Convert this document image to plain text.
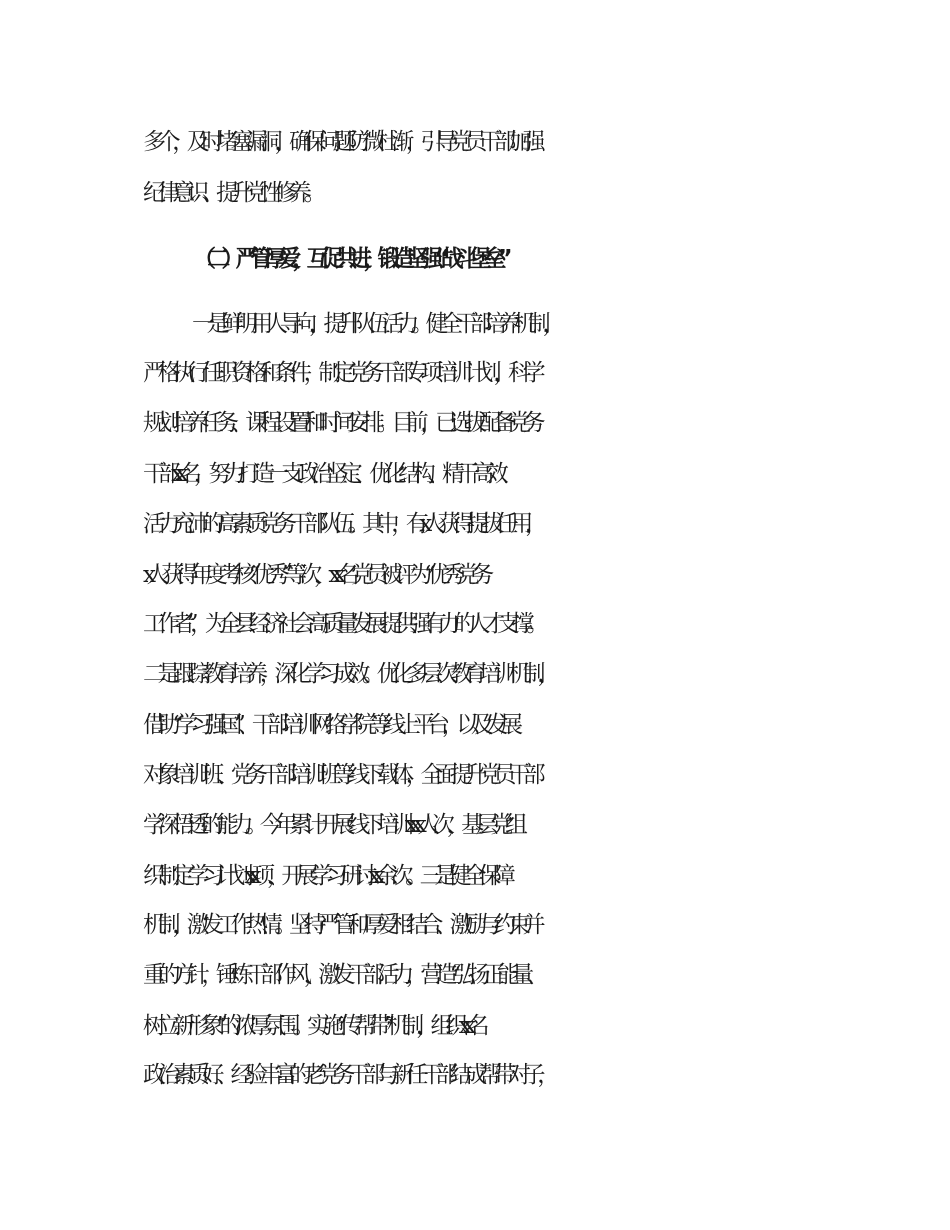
多个，及时堵塞漏洞，确保问题防微杜渐，引导党员干部加强
纪律意识、提升党性修养。
（二）严管厚爱，互促共进，锻造坚强“战斗堡垒”
一是鲜明用人导向，提升队伍活力。健全干部培养机制，
严格执行任职资格和条件，制定党务干部专项培训计划，科学
规划培养任务、课程设置和时间安排。目前，已选拔配备党务
干部 xx 名，努力打造一支政治坚定、优化结构、精干高效、
活力充沛的高素质党务干部队伍。其中，有 x 人获得提拔任用，
x 人获得年度考核“优秀”等次，xx 名党员被评为“优秀党务
工作者”，为全县经济社会高质量发展提供强有力的人才支撑。
二是跟踪教育培养，深化学习成效。优化多层次教育培训机制，
借助“学习强国”、干部培训网络学院等线上平台，以及发展
对象培训班、党务干部培训班等线下载体，全面提升党员干部
学深悟透的能力。今年累计开展线下培训 xxx 人次，基层党组
织制定学习计划 xx 项，开展学习研讨 xx 余次。三是健全保障
机制，激发工作热情。坚持严管和厚爱相结合、激励与约束并
重的方针，锤炼干部作风，激发干部活力，营造“弘扬正能量、
树立新形象”的浓厚氛围。实施“传帮带”机制，组织 xx 名
政治素质好、经验丰富的老党务干部与新任干部结成帮带对子，
